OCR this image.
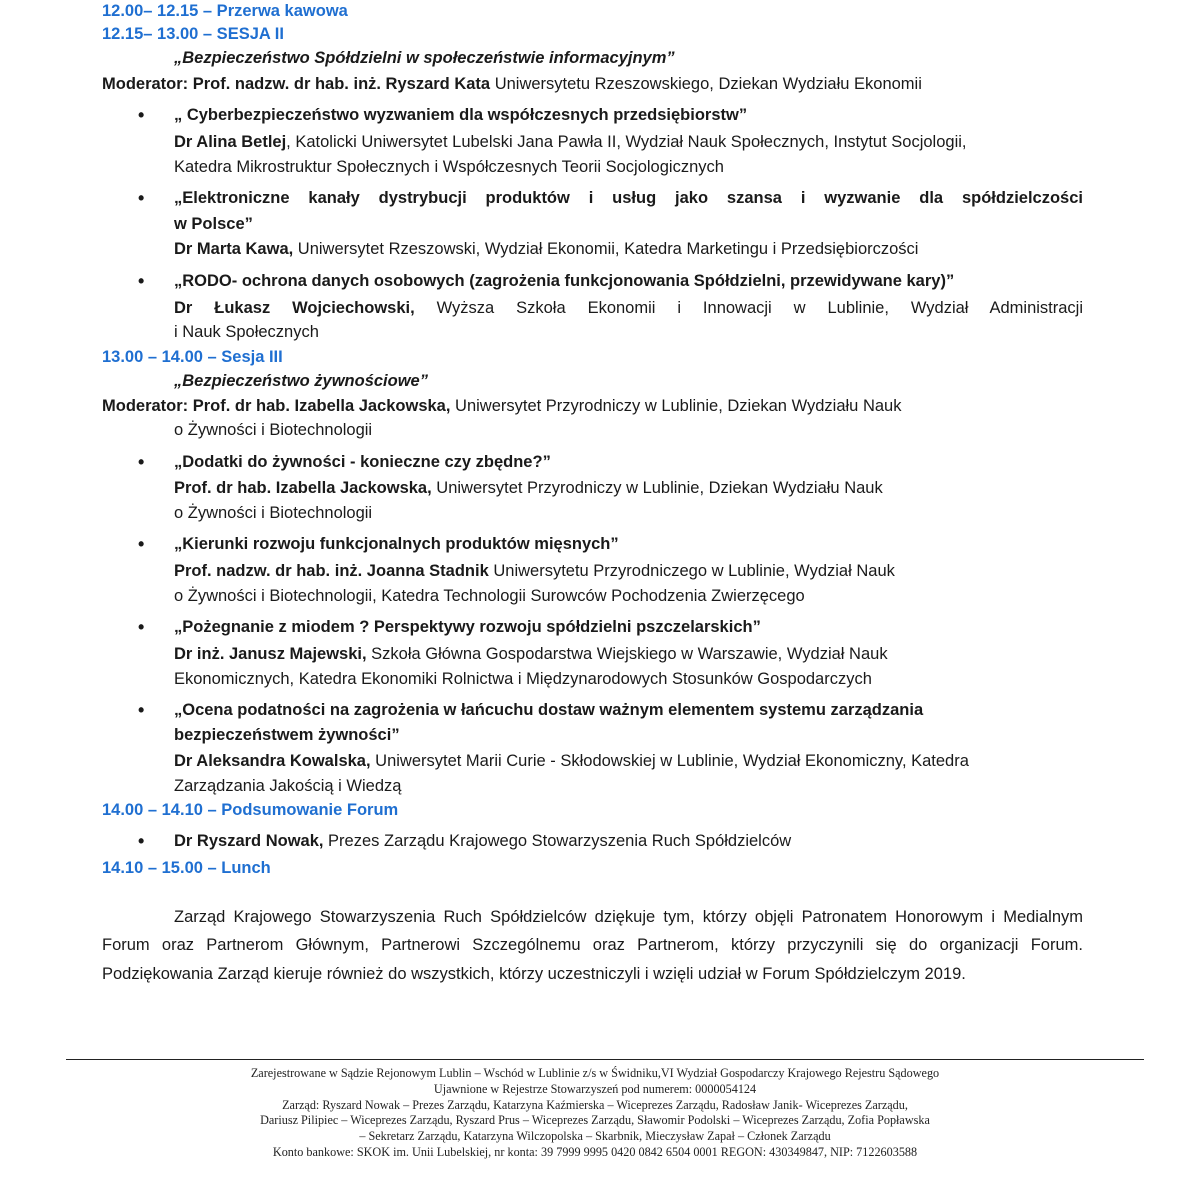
12.00– 12.15 – Przerwa kawowa
12.15– 13.00 – SESJA II
„Bezpieczeństwo Spółdzielni w społeczeństwie informacyjnym”
Moderator: Prof. nadzw. dr hab. inż. Ryszard Kata Uniwersytetu Rzeszowskiego, Dziekan Wydziału Ekonomii
• „ Cyberbezpieczeństwo wyzwaniem dla współczesnych przedsiębiorstw”
Dr Alina Betlej, Katolicki Uniwersytet Lubelski Jana Pawła II, Wydział Nauk Społecznych, Instytut Socjologii,
Katedra Mikrostruktur Społecznych i Współczesnych Teorii Socjologicznych
• „Elektroniczne kanały dystrybucji produktów i usług jako szansa i wyzwanie dla spółdzielczości
w Polsce”
Dr Marta Kawa, Uniwersytet Rzeszowski, Wydział Ekonomii, Katedra Marketingu i Przedsiębiorczości
• „RODO- ochrona danych osobowych (zagrożenia funkcjonowania Spółdzielni, przewidywane kary)”
Dr Łukasz Wojciechowski, Wyższa Szkoła Ekonomii i Innowacji w Lublinie, Wydział Administracji
i Nauk Społecznych
13.00 – 14.00 – Sesja III
„Bezpieczeństwo żywnościowe”
Moderator: Prof. dr hab. Izabella Jackowska, Uniwersytet Przyrodniczy w Lublinie, Dziekan Wydziału Nauk
o Żywności i Biotechnologii
• „Dodatki do żywności - konieczne czy zbędne?”
Prof. dr hab. Izabella Jackowska, Uniwersytet Przyrodniczy w Lublinie, Dziekan Wydziału Nauk
o Żywności i Biotechnologii
• „Kierunki rozwoju funkcjonalnych produktów mięsnych”
Prof. nadzw. dr hab. inż. Joanna Stadnik Uniwersytetu Przyrodniczego w Lublinie, Wydział Nauk
o Żywności i Biotechnologii, Katedra Technologii Surowców Pochodzenia Zwierzęcego
• „Pożegnanie z miodem ? Perspektywy rozwoju spółdzielni pszczelarskich”
Dr inż. Janusz Majewski, Szkoła Główna Gospodarstwa Wiejskiego w Warszawie, Wydział Nauk
Ekonomicznych, Katedra Ekonomiki Rolnictwa i Międzynarodowych Stosunków Gospodarczych
• „Ocena podatności na zagrożenia w łańcuchu dostaw ważnym elementem systemu zarządzania
bezpieczeństwem żywności”
Dr Aleksandra Kowalska, Uniwersytet Marii Curie - Skłodowskiej w Lublinie, Wydział Ekonomiczny, Katedra
Zarządzania Jakością i Wiedzą
14.00 – 14.10 – Podsumowanie Forum
• Dr Ryszard Nowak, Prezes Zarządu Krajowego Stowarzyszenia Ruch Spółdzielców
14.10 – 15.00 – Lunch
Zarząd Krajowego Stowarzyszenia Ruch Spółdzielców dziękuje tym, którzy objęli Patronatem Honorowym i Medialnym Forum oraz Partnerom Głównym, Partnerowi Szczególnemu oraz Partnerom, którzy przyczynili się do organizacji Forum. Podziękowania Zarząd kieruje również do wszystkich, którzy uczestniczyli i wzięli udział w Forum Spółdzielczym 2019.
Zarejestrowane w Sądzie Rejonowym Lublin – Wschód w Lublinie z/s w Świdniku,VI Wydział Gospodarczy Krajowego Rejestru Sądowego
Ujawnione w Rejestrze Stowarzyszeń pod numerem: 0000054124
Zarząd: Ryszard Nowak – Prezes Zarządu, Katarzyna Kaźmierska – Wiceprezes Zarządu, Radosław Janik- Wiceprezes Zarządu,
Dariusz Pilipiec – Wiceprezes Zarządu, Ryszard Prus – Wiceprezes Zarządu, Sławomir Podolski – Wiceprezes Zarządu, Zofia Popławska
– Sekretarz Zarządu, Katarzyna Wilczopolska – Skarbnik, Mieczysław Zapał – Członek Zarządu
Konto bankowe: SKOK im. Unii Lubelskiej, nr konta: 39 7999 9995 0420 0842 6504 0001 REGON: 430349847, NIP: 7122603588
